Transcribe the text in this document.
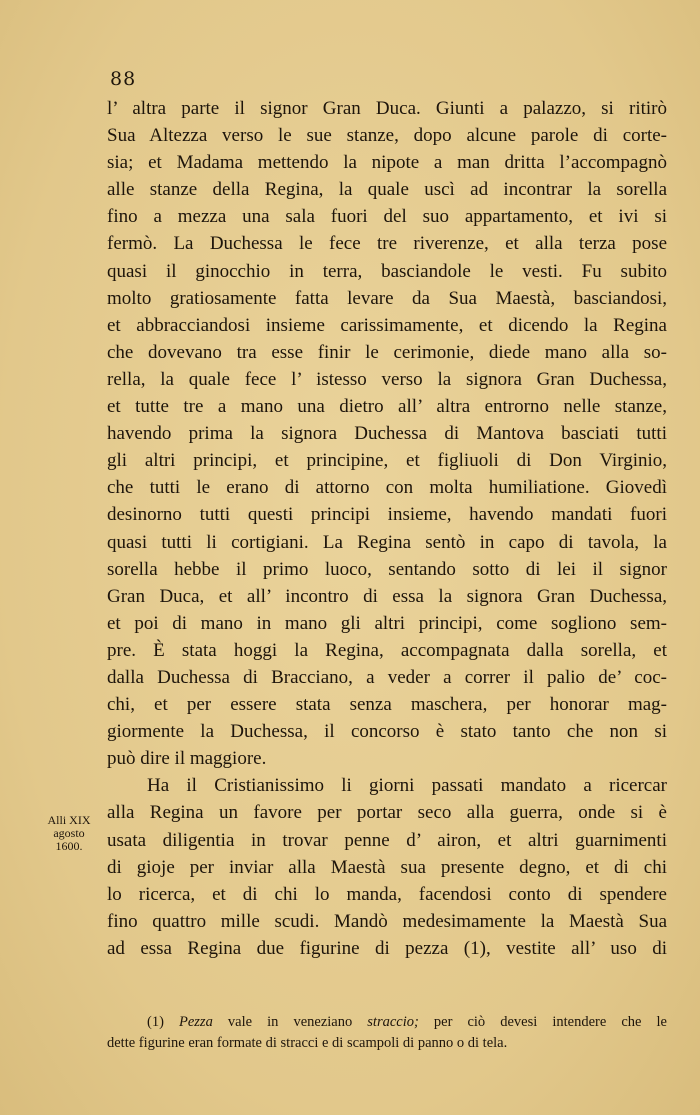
88
l’ altra parte il signor Gran Duca. Giunti a palazzo, si ritirò
Sua Altezza verso le sue stanze, dopo alcune parole di corte-
sia; et Madama mettendo la nipote a man dritta l’accompagnò
alle stanze della Regina, la quale uscì ad incontrar la sorella
fino a mezza una sala fuori del suo appartamento, et ivi si
fermò. La Duchessa le fece tre riverenze, et alla terza pose
quasi il ginocchio in terra, basciandole le vesti. Fu subito
molto gratiosamente fatta levare da Sua Maestà, basciandosi,
et abbracciandosi insieme carissimamente, et dicendo la Regina
che dovevano tra esse finir le cerimonie, diede mano alla so-
rella, la quale fece l’ istesso verso la signora Gran Duchessa,
et tutte tre a mano una dietro all’ altra entrorno nelle stanze,
havendo prima la signora Duchessa di Mantova basciati tutti
gli altri principi, et principine, et figliuoli di Don Virginio,
che tutti le erano di attorno con molta humiliatione. Giovedì
desinorno tutti questi principi insieme, havendo mandati fuori
quasi tutti li cortigiani. La Regina sentò in capo di tavola, la
sorella hebbe il primo luoco, sentando sotto di lei il signor
Gran Duca, et all’ incontro di essa la signora Gran Duchessa,
et poi di mano in mano gli altri principi, come sogliono sem-
pre. È stata hoggi la Regina, accompagnata dalla sorella, et
dalla Duchessa di Bracciano, a veder a correr il palio de’ coc-
chi, et per essere stata senza maschera, per honorar mag-
giormente la Duchessa, il concorso è stato tanto che non si
può dire il maggiore.
Ha il Cristianissimo li giorni passati mandato a ricercar
alla Regina un favore per portar seco alla guerra, onde si è
usata diligentia in trovar penne d’ airon, et altri guarnimenti
di gioje per inviar alla Maestà sua presente degno, et di chi
lo ricerca, et di chi lo manda, facendosi conto di spendere
fino quattro mille scudi. Mandò medesimamente la Maestà Sua
ad essa Regina due figurine di pezza (1), vestite all’ uso di
Alli XIX
agosto
1600.
(1) Pezza vale in veneziano straccio; per ciò devesi intendere che le
dette figurine eran formate di stracci e di scampoli di panno o di tela.
